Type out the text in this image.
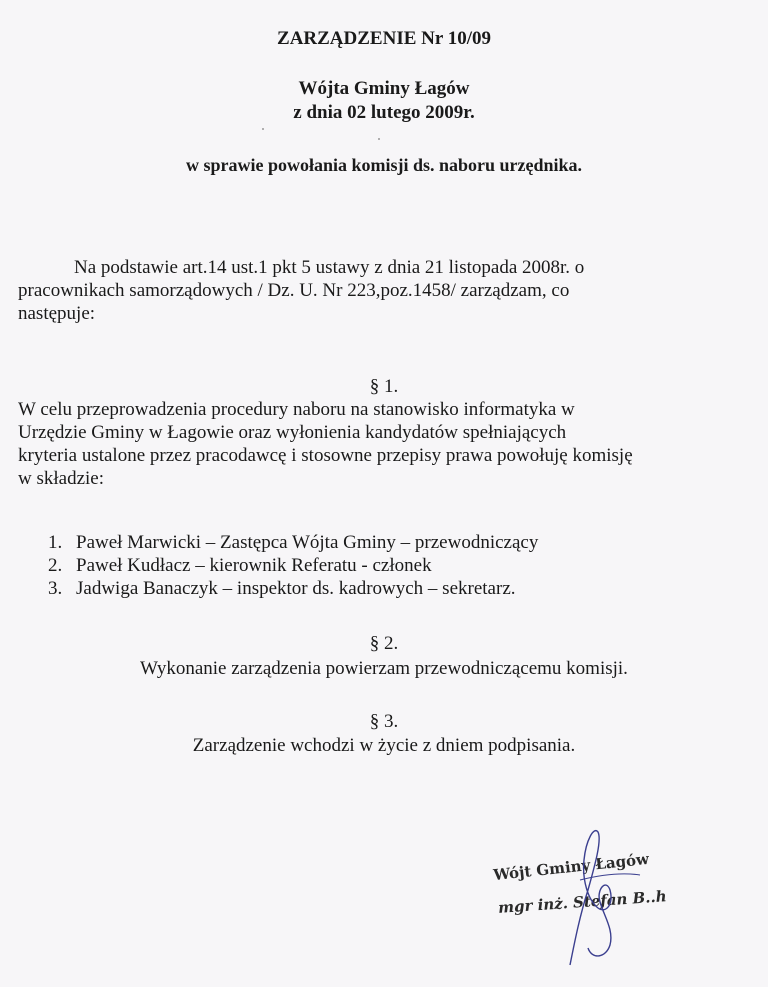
ZARZĄDZENIE Nr 10/09
Wójta Gminy Łagów
z dnia 02 lutego 2009r.
w sprawie powołania komisji ds. naboru urzędnika.
Na podstawie art.14 ust.1 pkt 5 ustawy z dnia 21 listopada 2008r. o
pracownikach samorządowych / Dz. U. Nr 223,poz.1458/ zarządzam, co
następuje:
§ 1.
W celu przeprowadzenia procedury naboru na stanowisko informatyka w
Urzędzie Gminy w Łagowie oraz wyłonienia kandydatów spełniających
kryteria ustalone przez pracodawcę i stosowne przepisy prawa powołuję komisję
w składzie:
1. Paweł Marwicki – Zastępca Wójta Gminy – przewodniczący
2. Paweł Kudłacz – kierownik Referatu - członek
3. Jadwiga Banaczyk – inspektor ds. kadrowych – sekretarz.
§ 2.
Wykonanie zarządzenia powierzam przewodniczącemu komisji.
§ 3.
Zarządzenie wchodzi w życie z dniem podpisania.
Wójt Gminy Łagów
mgr inż. Stefan B..h
